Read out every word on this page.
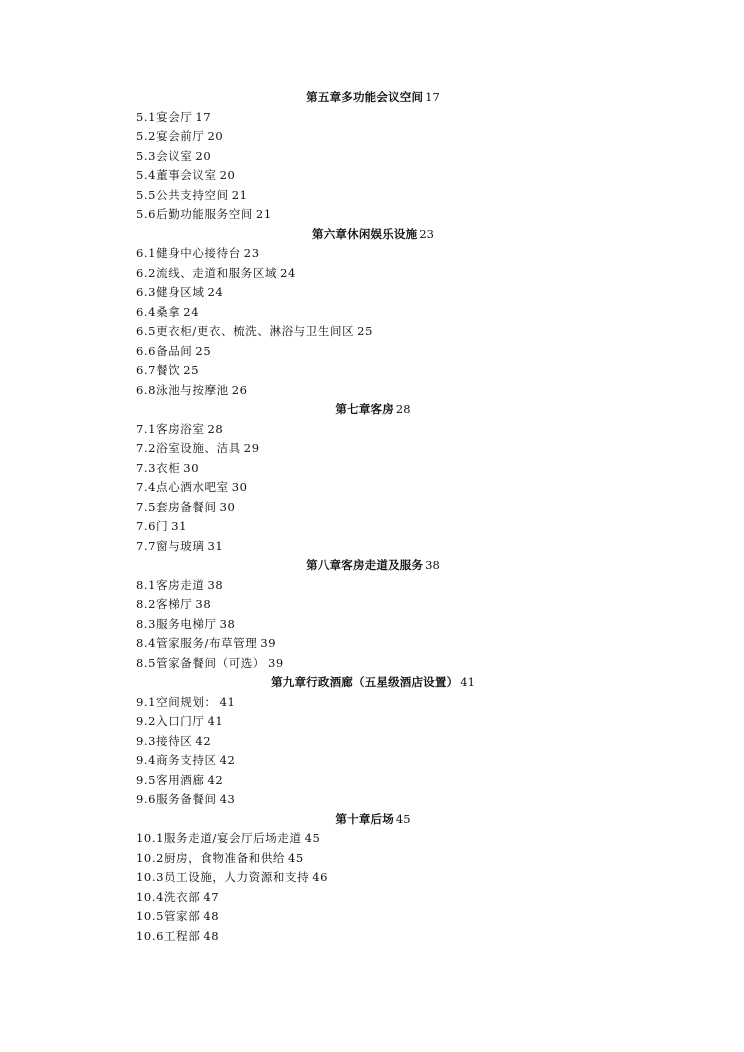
第五章多功能会议空间 17
5.1宴会厅 17
5.2宴会前厅 20
5.3会议室 20
5.4董事会议室 20
5.5公共支持空间 21
5.6后勤功能服务空间 21
第六章休闲娱乐设施 23
6.1健身中心接待台 23
6.2流线、走道和服务区域 24
6.3健身区域 24
6.4桑拿 24
6.5更衣柜/更衣、梳洗、淋浴与卫生间区 25
6.6备品间 25
6.7餐饮 25
6.8泳池与按摩池 26
第七章客房 28
7.1客房浴室 28
7.2浴室设施、洁具 29
7.3衣柜 30
7.4点心酒水吧室 30
7.5套房备餐间 30
7.6门 31
7.7窗与玻璃 31
第八章客房走道及服务 38
8.1客房走道 38
8.2客梯厅 38
8.3服务电梯厅 38
8.4管家服务/布草管理 39
8.5管家备餐间（可选） 39
第九章行政酒廊（五星级酒店设置） 41
9.1空间规划： 41
9.2入口门厅 41
9.3接待区 42
9.4商务支持区 42
9.5客用酒廊 42
9.6服务备餐间 43
第十章后场 45
10.1服务走道/宴会厅后场走道 45
10.2厨房，食物准备和供给 45
10.3员工设施，人力资源和支持 46
10.4洗衣部 47
10.5管家部 48
10.6工程部 48
